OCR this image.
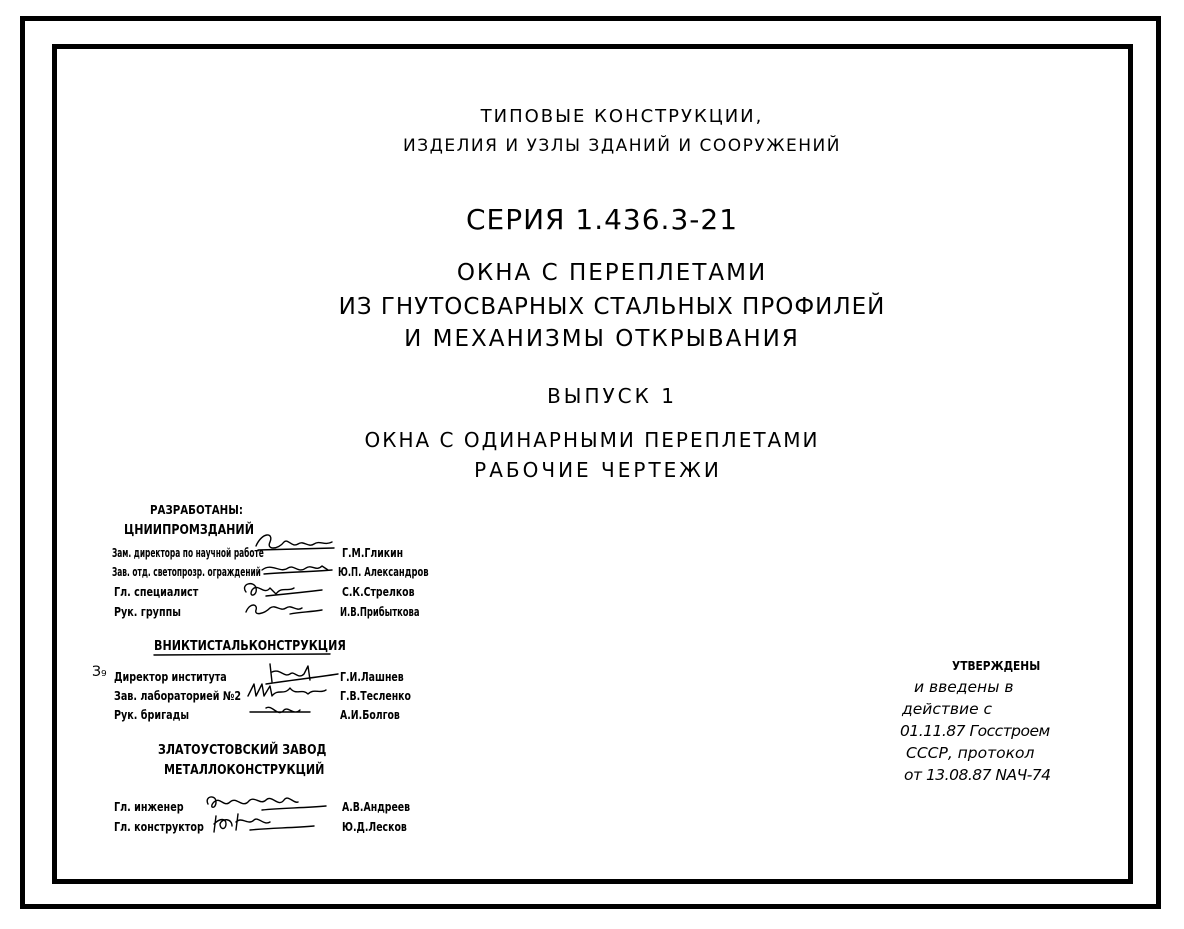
ТИПОВЫЕ КОНСТРУКЦИИ,
ИЗДЕЛИЯ И УЗЛЫ ЗДАНИЙ И СООРУЖЕНИЙ
СЕРИЯ 1.436.3-21
ОКНА С ПЕРЕПЛЕТАМИ
ИЗ ГНУТОСВАРНЫХ СТАЛЬНЫХ ПРОФИЛЕЙ
И МЕХАНИЗМЫ ОТКРЫВАНИЯ
ВЫПУСК 1
ОКНА С ОДИНАРНЫМИ ПЕРЕПЛЕТАМИ
РАБОЧИЕ ЧЕРТЕЖИ
РАЗРАБОТАНЫ:
ЦНИИПРОМЗДАНИЙ
Зам. директора по научной работе	Г.М.Гликин
Зав. отд. светопрозр. ограждений	Ю.П. Александров
Гл. специалист	С.К.Стрелков
Рук. группы	И.В.Прибыткова
ВНИКТИСТАЛЬКОНСТРУКЦИЯ
З₉ Директор института	Г.И.Лашнев
Зав. лабораторией №2	Г.В.Тесленко
Рук. бригады	А.И.Болгов
ЗЛАТОУСТОВСКИЙ ЗАВОД
МЕТАЛЛОКОНСТРУКЦИЙ
Гл. инженер	А.В.Андреев
Гл. конструктор	Ю.Д.Лесков
УТВЕРЖДЕНЫ
и введены в
действие с
01.11.87 Госстроем
СССР, протокол
от 13.08.87 NАЧ-74
